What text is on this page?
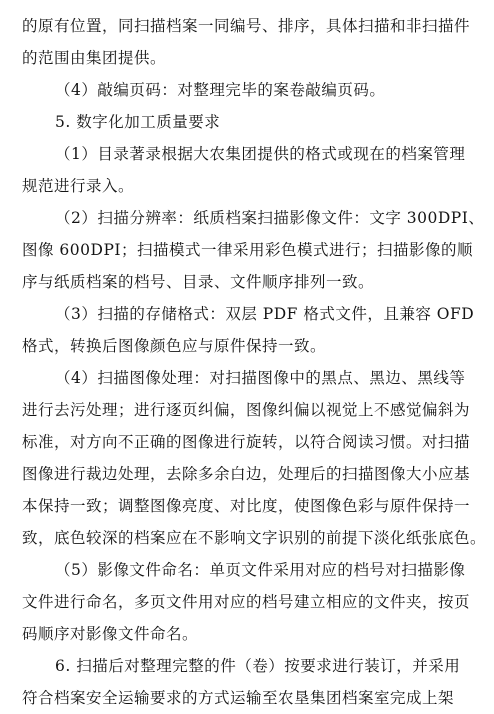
的原有位置，同扫描档案一同编号、排序，具体扫描和非扫描件
的范围由集团提供。
（4）敲编页码：对整理完毕的案卷敲编页码。
5. 数字化加工质量要求
（1）目录著录根据大农集团提供的格式或现在的档案管理
规范进行录入。
（2）扫描分辨率：纸质档案扫描影像文件：文字 300DPI、
图像 600DPI；扫描模式一律采用彩色模式进行；扫描影像的顺
序与纸质档案的档号、目录、文件顺序排列一致。
（3）扫描的存储格式：双层 PDF 格式文件，且兼容 OFD
格式，转换后图像颜色应与原件保持一致。
（4）扫描图像处理：对扫描图像中的黑点、黑边、黑线等
进行去污处理；进行逐页纠偏，图像纠偏以视觉上不感觉偏斜为
标准，对方向不正确的图像进行旋转，以符合阅读习惯。对扫描
图像进行裁边处理，去除多余白边，处理后的扫描图像大小应基
本保持一致；调整图像亮度、对比度，使图像色彩与原件保持一
致，底色较深的档案应在不影响文字识别的前提下淡化纸张底色。
（5）影像文件命名：单页文件采用对应的档号对扫描影像
文件进行命名，多页文件用对应的档号建立相应的文件夹，按页
码顺序对影像文件命名。
6. 扫描后对整理完整的件（卷）按要求进行装订，并采用
符合档案安全运输要求的方式运输至农垦集团档案室完成上架
